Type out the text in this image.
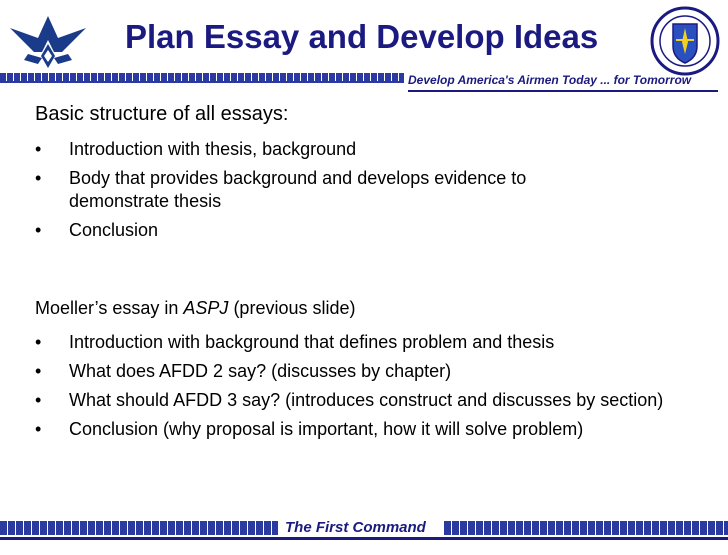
Plan Essay and Develop Ideas
Develop America's Airmen Today ... for Tomorrow
Basic structure of all essays:
• Introduction with thesis, background
• Body that provides background and develops evidence to demonstrate thesis
• Conclusion
Moeller’s essay in ASPJ (previous slide)
• Introduction with background that defines problem and thesis
• What does AFDD 2 say? (discusses by chapter)
• What should AFDD 3 say? (introduces construct and discusses by section)
• Conclusion (why proposal is important, how it will solve problem)
The First Command
